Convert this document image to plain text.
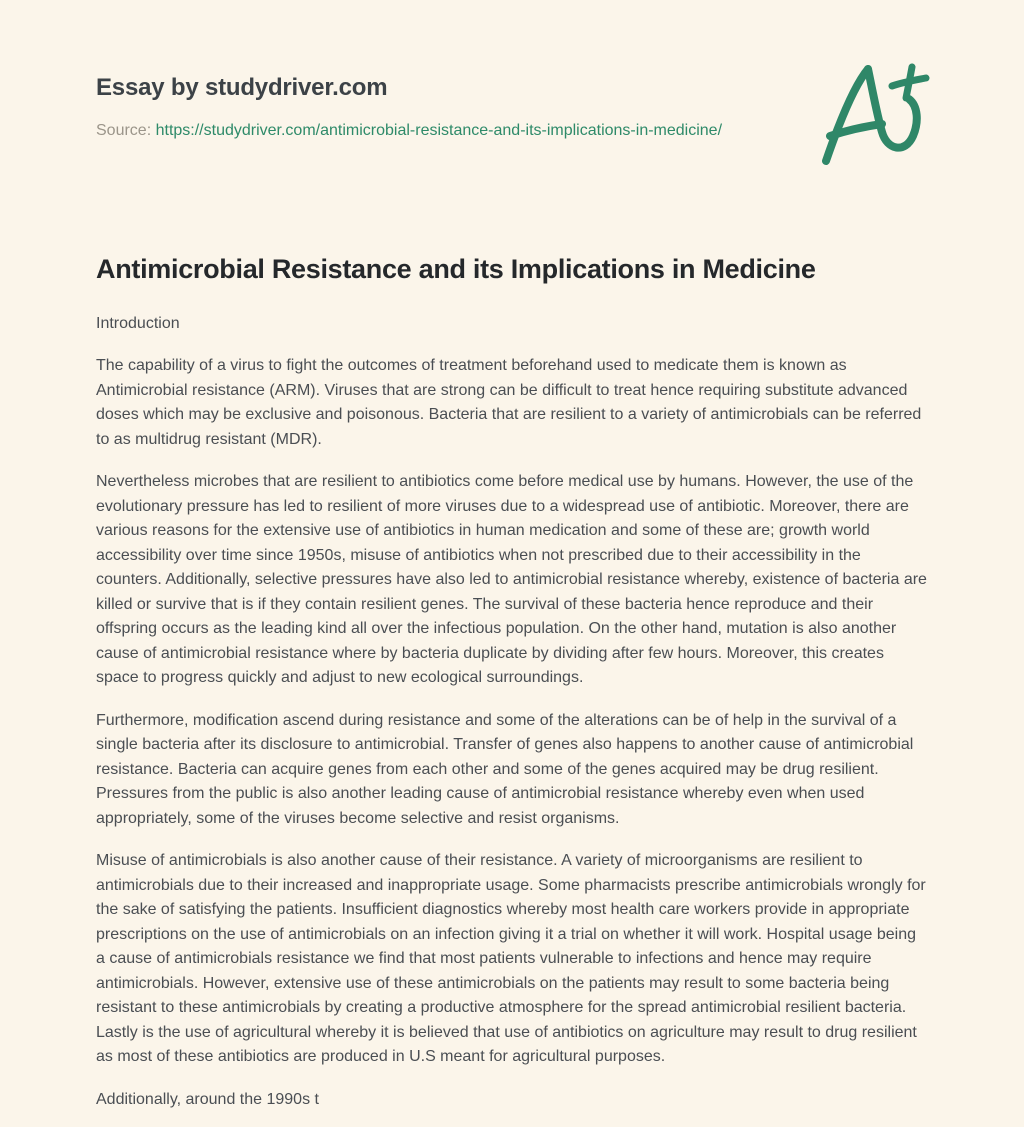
Essay by studydriver.com
Source: https://studydriver.com/antimicrobial-resistance-and-its-implications-in-medicine/
Antimicrobial Resistance and its Implications in Medicine

Introduction

The capability of a virus to fight the outcomes of treatment beforehand used to medicate them is known as Antimicrobial resistance (ARM). Viruses that are strong can be difficult to treat hence requiring substitute advanced doses which may be exclusive and poisonous. Bacteria that are resilient to a variety of antimicrobials can be referred to as multidrug resistant (MDR).

Nevertheless microbes that are resilient to antibiotics come before medical use by humans. However, the use of the evolutionary pressure has led to resilient of more viruses due to a widespread use of antibiotic. Moreover, there are various reasons for the extensive use of antibiotics in human medication and some of these are; growth world accessibility over time since 1950s, misuse of antibiotics when not prescribed due to their accessibility in the counters. Additionally, selective pressures have also led to antimicrobial resistance whereby, existence of bacteria are killed or survive that is if they contain resilient genes. The survival of these bacteria hence reproduce and their offspring occurs as the leading kind all over the infectious population. On the other hand, mutation is also another cause of antimicrobial resistance where by bacteria duplicate by dividing after few hours. Moreover, this creates space to progress quickly and adjust to new ecological surroundings.

Furthermore, modification ascend during resistance and some of the alterations can be of help in the survival of a single bacteria after its disclosure to antimicrobial. Transfer of genes also happens to another cause of antimicrobial resistance. Bacteria can acquire genes from each other and some of the genes acquired may be drug resilient. Pressures from the public is also another leading cause of antimicrobial resistance whereby even when used appropriately, some of the viruses become selective and resist organisms.

Misuse of antimicrobials is also another cause of their resistance. A variety of microorganisms are resilient to antimicrobials due to their increased and inappropriate usage. Some pharmacists prescribe antimicrobials wrongly for the sake of satisfying the patients. Insufficient diagnostics whereby most health care workers provide in appropriate prescriptions on the use of antimicrobials on an infection giving it a trial on whether it will work. Hospital usage being a cause of antimicrobials resistance we find that most patients vulnerable to infections and hence may require antimicrobials. However, extensive use of these antimicrobials on the patients may result to some bacteria being resistant to these antimicrobials by creating a productive atmosphere for the spread antimicrobial resilient bacteria. Lastly is the use of agricultural whereby it is believed that use of antibiotics on agriculture may result to drug resilient as most of these antibiotics are produced in U.S meant for agricultural purposes.

Additionally, around the 1990s t
